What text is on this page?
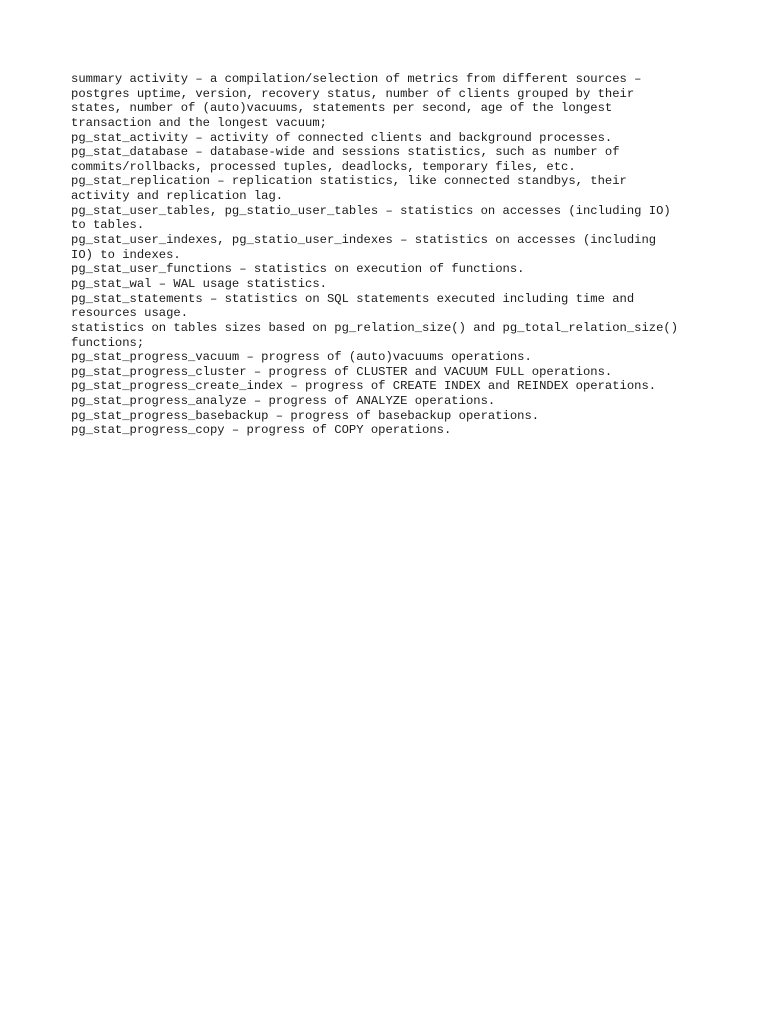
summary activity – a compilation/selection of metrics from different sources –
postgres uptime, version, recovery status, number of clients grouped by their
states, number of (auto)vacuums, statements per second, age of the longest
transaction and the longest vacuum;
pg_stat_activity – activity of connected clients and background processes.
pg_stat_database – database-wide and sessions statistics, such as number of
commits/rollbacks, processed tuples, deadlocks, temporary files, etc.
pg_stat_replication – replication statistics, like connected standbys, their
activity and replication lag.
pg_stat_user_tables, pg_statio_user_tables – statistics on accesses (including IO)
to tables.
pg_stat_user_indexes, pg_statio_user_indexes – statistics on accesses (including
IO) to indexes.
pg_stat_user_functions – statistics on execution of functions.
pg_stat_wal – WAL usage statistics.
pg_stat_statements – statistics on SQL statements executed including time and
resources usage.
statistics on tables sizes based on pg_relation_size() and pg_total_relation_size()
functions;
pg_stat_progress_vacuum – progress of (auto)vacuums operations.
pg_stat_progress_cluster – progress of CLUSTER and VACUUM FULL operations.
pg_stat_progress_create_index – progress of CREATE INDEX and REINDEX operations.
pg_stat_progress_analyze – progress of ANALYZE operations.
pg_stat_progress_basebackup – progress of basebackup operations.
pg_stat_progress_copy – progress of COPY operations.
